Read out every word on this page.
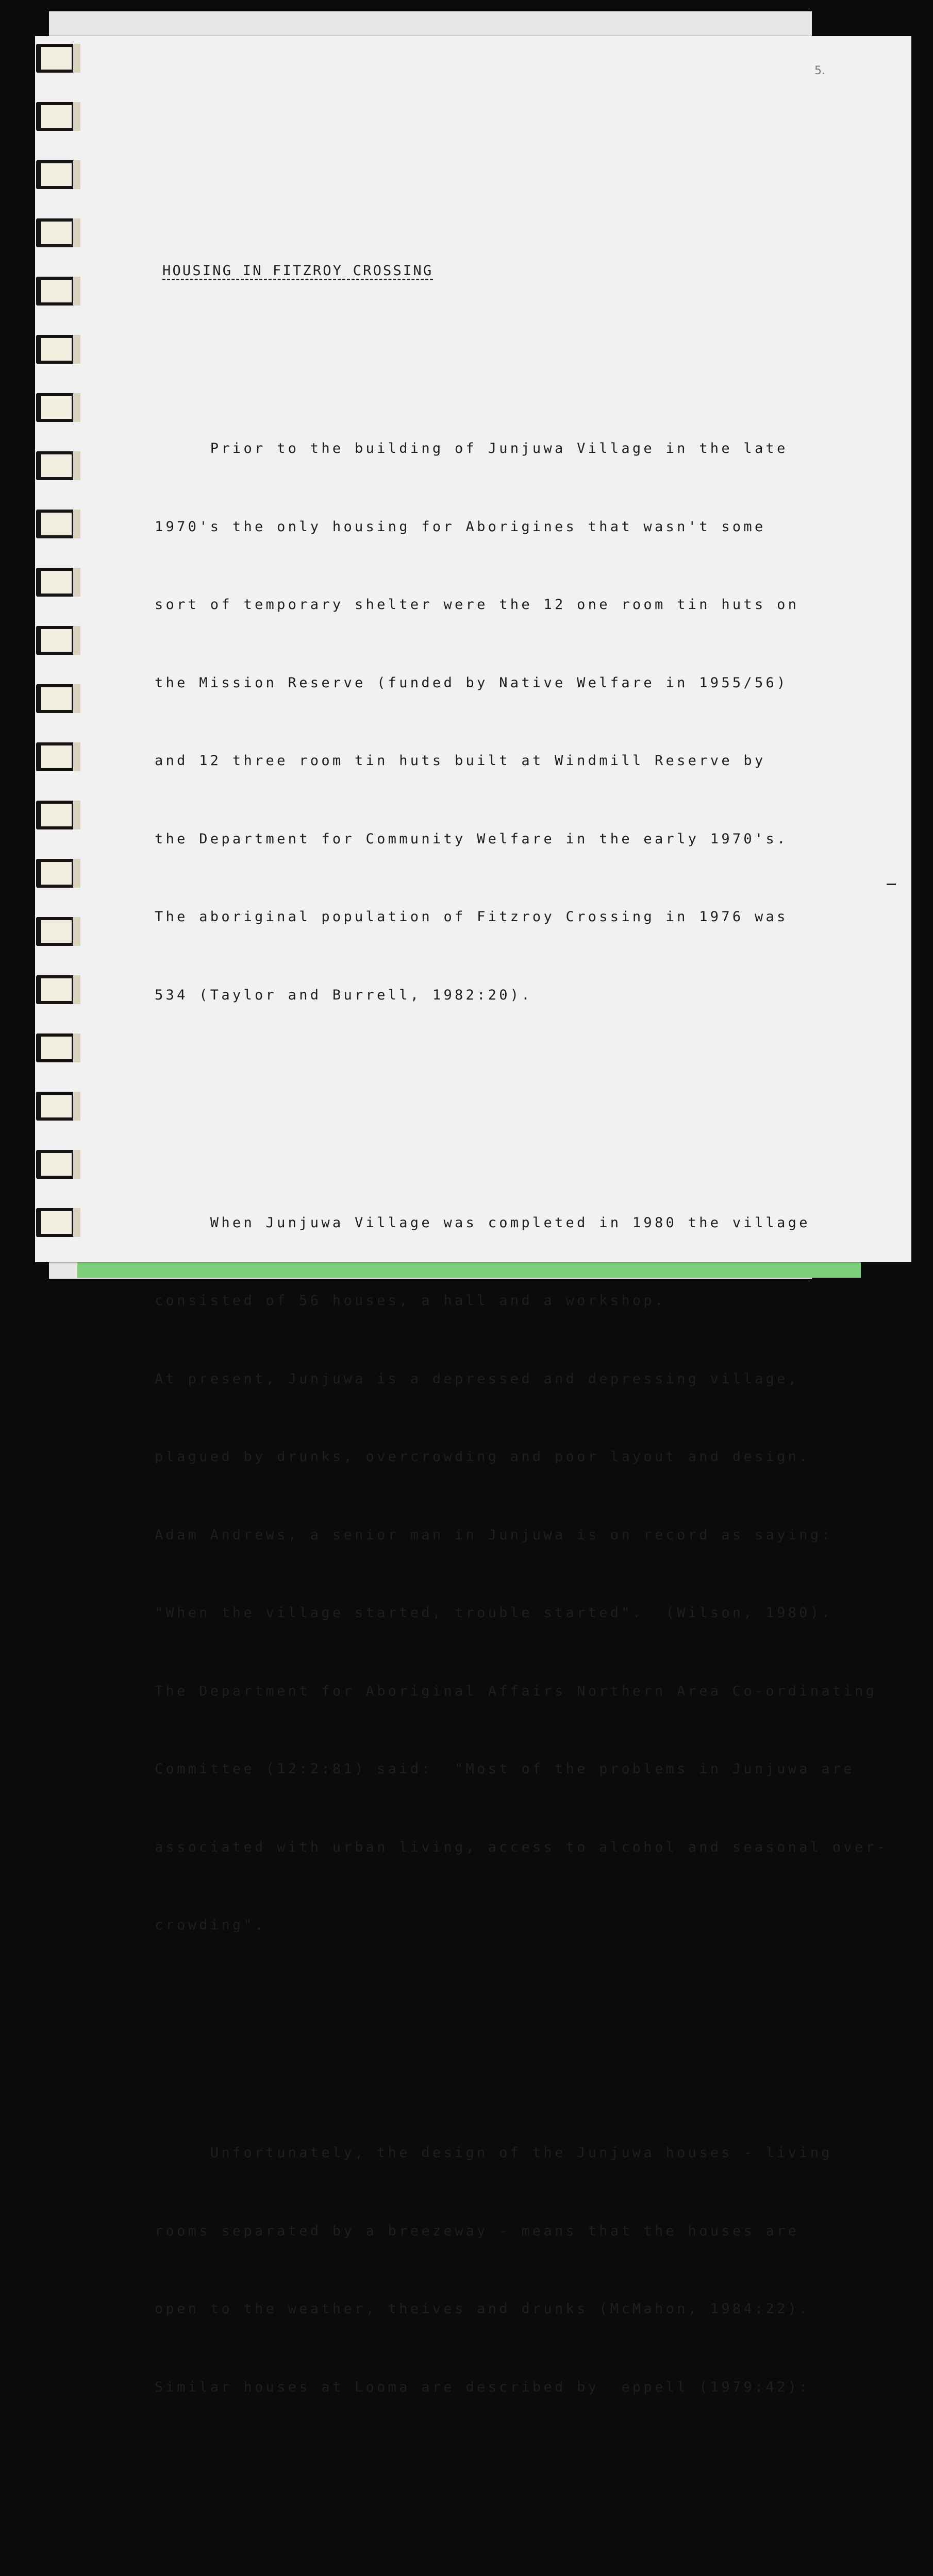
5.

HOUSING IN FITZROY CROSSING

Prior to the building of Junjuwa Village in the late

1970's the only housing for Aborigines that wasn't some

sort of temporary shelter were the 12 one room tin huts on

the Mission Reserve (funded by Native Welfare in 1955/56)

and 12 three room tin huts built at Windmill Reserve by

the Department for Community Welfare in the early 1970's.

The aboriginal population of Fitzroy Crossing in 1976 was

534 (Taylor and Burrell, 1982:20).

When Junjuwa Village was completed in 1980 the village

consisted of 56 houses, a hall and a workshop.

At present, Junjuwa is a depressed and depressing village,

plagued by drunks, overcrowding and poor layout and design.

Adam Andrews, a senior man in Junjuwa is on record as saying:

"When the village started, trouble started".  (Wilson, 1980).

The Department for Aboriginal Affairs Northern Area Co-ordinating

Committee (12:2:81) said:  "Most of the problems in Junjuwa are

associated with urban living, access to alcohol and seasonal over-

crowding".

Unfortunately, the design of the Junjuwa houses - living

rooms separated by a breezeway - means that the houses are

open to the weather, theives and drunks (McMahon, 1984:22).

Similar houses at Looma are described by  eppell (1979:42):
